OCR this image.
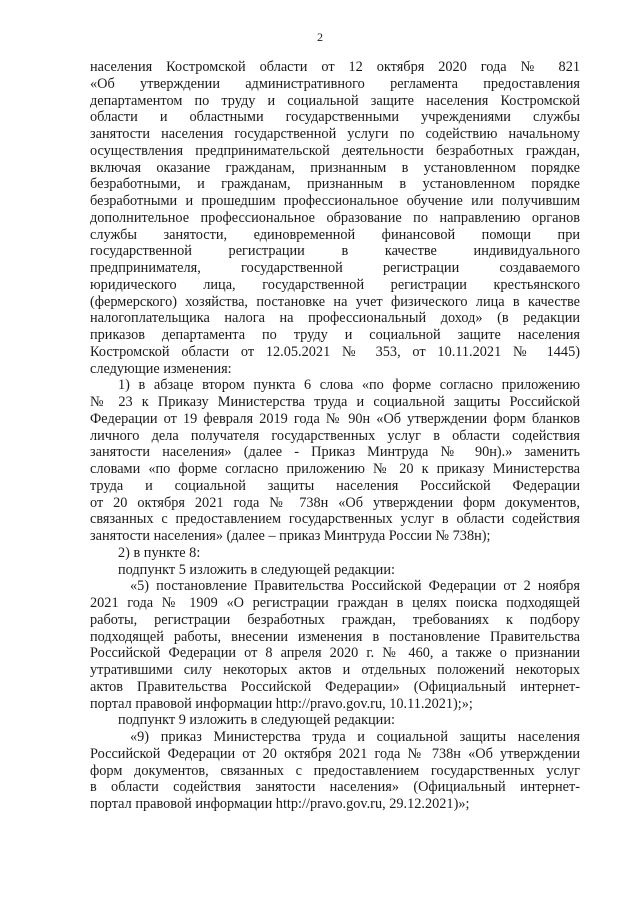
2
населения Костромской области от 12 октября 2020 года № 821
«Об утверждении административного регламента предоставления
департаментом по труду и социальной защите населения Костромской
области и областными государственными учреждениями службы
занятости населения государственной услуги по содействию начальному
осуществления предпринимательской деятельности безработных граждан,
включая оказание гражданам, признанным в установленном порядке
безработными, и гражданам, признанным в установленном порядке
безработными и прошедшим профессиональное обучение или получившим
дополнительное профессиональное образование по направлению органов
службы занятости, единовременной финансовой помощи при
государственной регистрации в качестве индивидуального
предпринимателя, государственной регистрации создаваемого
юридического лица, государственной регистрации крестьянского
(фермерского) хозяйства, постановке на учет физического лица в качестве
налогоплательщика налога на профессиональный доход» (в редакции
приказов департамента по труду и социальной защите населения
Костромской области от 12.05.2021 № 353, от 10.11.2021 № 1445)
следующие изменения:
1) в абзаце втором пункта 6 слова «по форме согласно приложению
№ 23 к Приказу Министерства труда и социальной защиты Российской
Федерации от 19 февраля 2019 года № 90н «Об утверждении форм бланков
личного дела получателя государственных услуг в области содействия
занятости населения» (далее - Приказ Минтруда № 90н).» заменить
словами «по форме согласно приложению № 20 к приказу Министерства
труда и социальной защиты населения Российской Федерации
от 20 октября 2021 года № 738н «Об утверждении форм документов,
связанных с предоставлением государственных услуг в области содействия
занятости населения» (далее – приказ Минтруда России № 738н);
2) в пункте 8:
подпункт 5 изложить в следующей редакции:
«5) постановление Правительства Российской Федерации от 2 ноября
2021 года № 1909 «О регистрации граждан в целях поиска подходящей
работы, регистрации безработных граждан, требованиях к подбору
подходящей работы, внесении изменения в постановление Правительства
Российской Федерации от 8 апреля 2020 г. № 460, а также о признании
утратившими силу некоторых актов и отдельных положений некоторых
актов Правительства Российской Федерации» (Официальный интернет-
портал правовой информации http://pravo.gov.ru, 10.11.2021);»;
подпункт 9 изложить в следующей редакции:
«9) приказ Министерства труда и социальной защиты населения
Российской Федерации от 20 октября 2021 года № 738н «Об утверждении
форм документов, связанных с предоставлением государственных услуг
в области содействия занятости населения» (Официальный интернет-
портал правовой информации http://pravo.gov.ru, 29.12.2021)»;
